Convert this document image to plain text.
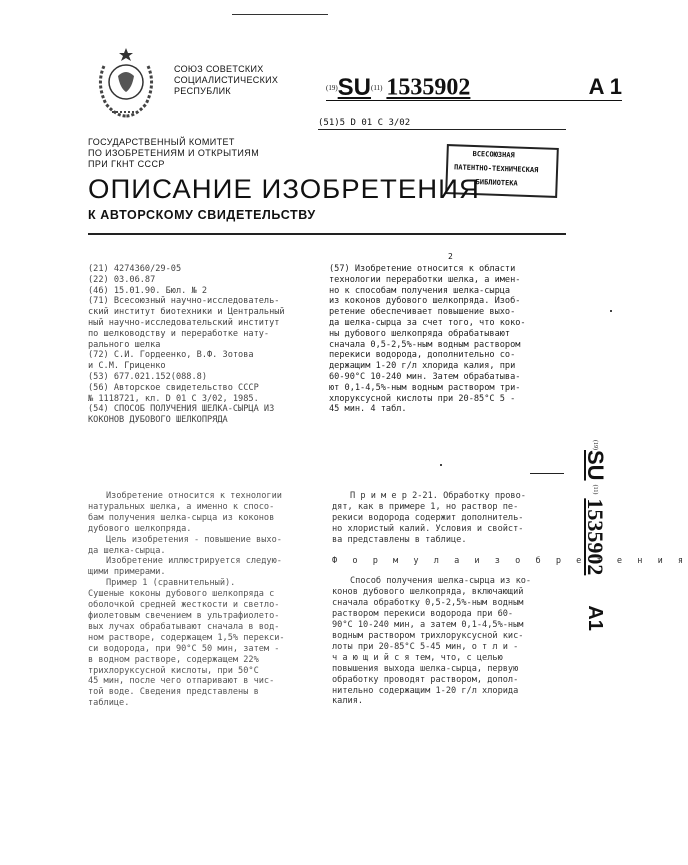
СОЮЗ СОВЕТСКИХ
СОЦИАЛИСТИЧЕСКИХ
РЕСПУБЛИК
ГОСУДАРСТВЕННЫЙ КОМИТЕТ
ПО ИЗОБРЕТЕНИЯМ И ОТКРЫТИЯМ
ПРИ ГКНТ СССР
(19)SU(11) 1535902	A 1
(51)5 D 01 C 3/02
ВСЕСОЮЗНАЯ
ПАТЕНТНО-ТЕХНИЧЕСКАЯ
БИБЛИОТЕКА
ОПИСАНИЕ ИЗОБРЕТЕНИЯ
К АВТОРСКОМУ СВИДЕТЕЛЬСТВУ
2
(21) 4274360/29-05
(22) 03.06.87
(46) 15.01.90. Бюл. № 2
(71) Всесоюзный научно-исследователь-
ский институт биотехники и Центральный
ный научно-исследовательский институт
по шелководству и переработке нату-
рального шелка
(72) С.И. Гордеенко, В.Ф. Зотова
и С.М. Гриценко
(53) 677.021.152(088.8)
(56) Авторское свидетельство СССР
№ 1118721, кл. D 01 C 3/02, 1985.
(54) СПОСОБ ПОЛУЧЕНИЯ ШЕЛКА-СЫРЦА ИЗ
КОКОНОВ ДУБОВОГО ШЕЛКОПРЯДА
(57) Изобретение относится к области
технологии переработки шелка, а имен-
но к способам получения шелка-сырца
из коконов дубового шелкопряда. Изоб-
ретение обеспечивает повышение выхо-
да шелка-сырца за счет того, что коко-
ны дубового шелкопряда обрабатывают
сначала 0,5-2,5%-ным водным раствором
перекиси водорода, дополнительно со-
держащим 1-20 г/л хлорида калия, при
60-90°С 10-240 мин. Затем обрабатыва-
ют 0,1-4,5%-ным водным раствором три-
хлоруксусной кислоты при 20-85°С 5 -
45 мин. 4 табл.
Изобретение относится к технологии
натуральных шелка, а именно к спосо-
бам получения шелка-сырца из коконов
дубового шелкопряда.
Цель изобретения - повышение выхо-
да шелка-сырца.
Изобретение иллюстрируется следую-
щими примерами.
Пример 1 (сравнительный).
Сушеные коконы дубового шелкопряда с
оболочкой средней жесткости и светло-
фиолетовым свечением в ультрафиолето-
вых лучах обрабатывают сначала в вод-
ном растворе, содержащем 1,5% перекси-
си водорода, при 90°С 50 мин, затем -
в водном растворе, содержащем 22%
трихлоруксусной кислоты, при 50°С
45 мин, после чего отпаривают в чис-
той воде. Сведения представлены в
таблице.
П р и м е р 2-21. Обработку прово-
дят, как в примере 1, но раствор пе-
рекиси водорода содержит дополнитель-
но хлористый калий. Условия и свойст-
ва представлены в таблице.
Ф о р м у л а и з о б р е т е н и я
Способ получения шелка-сырца из ко-
конов дубового шелкопряда, включающий
сначала обработку 0,5-2,5%-ным водным
раствором перекиси водорода при 60-
90°С 10-240 мин, а затем 0,1-4,5%-ным
водным раствором трихлоруксусной кис-
лоты при 20-85°С 5-45 мин, о т л и -
ч а ю щ и й с я тем, что, с целью
повышения выхода шелка-сырца, первую
обработку проводят раствором, допол-
нительно содержащим 1-20 г/л хлорида
калия.
(19)SU (11) 1535902 A1
